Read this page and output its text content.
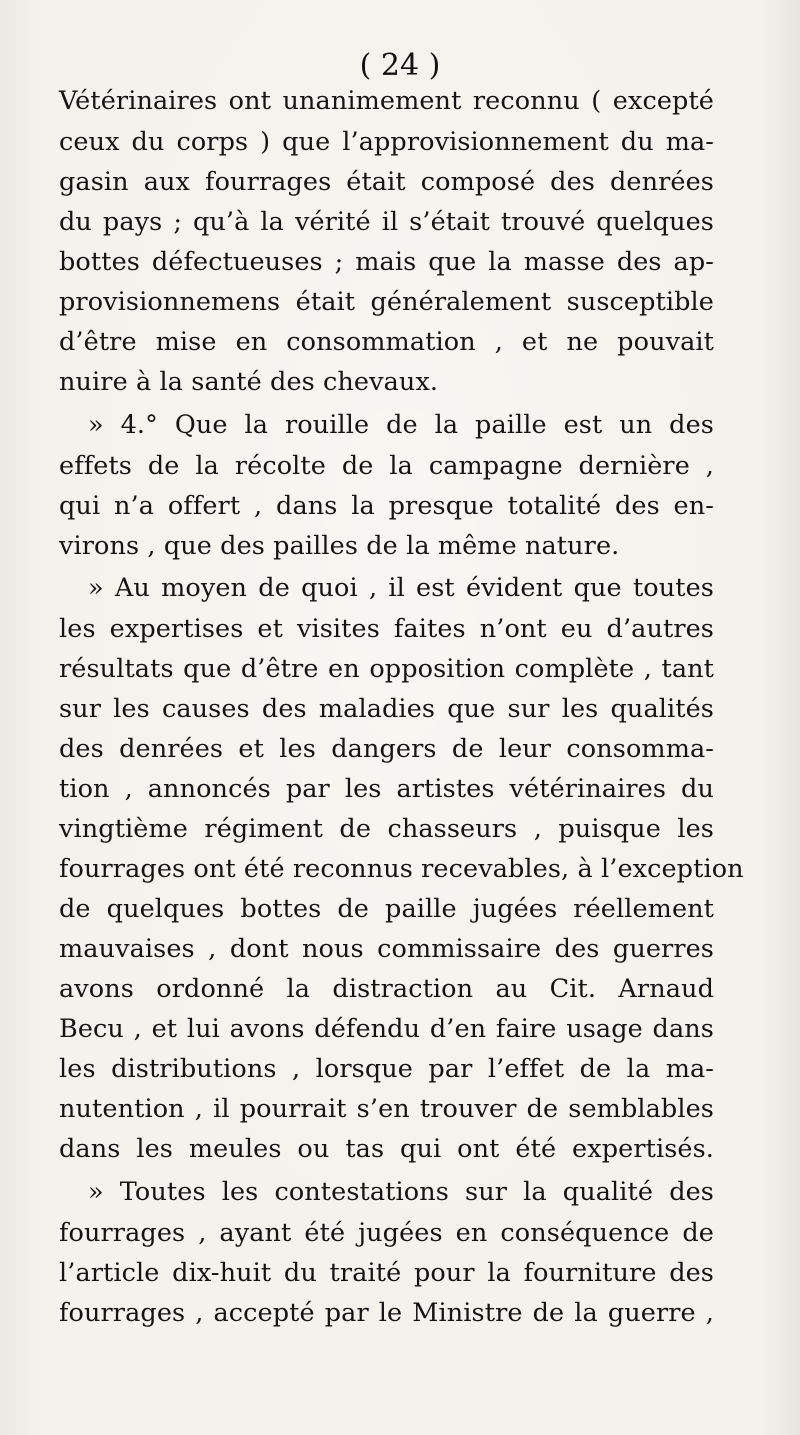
( 24 )
Vétérinaires ont unanimement reconnu ( excepté
ceux du corps ) que l’approvisionnement du ma-
gasin aux fourrages était composé des denrées
du pays ; qu’à la vérité il s’était trouvé quelques
bottes défectueuses ; mais que la masse des ap-
provisionnemens était généralement susceptible
d’être mise en consommation , et ne pouvait
nuire à la santé des chevaux.
» 4.° Que la rouille de la paille est un des
effets de la récolte de la campagne dernière ,
qui n’a offert , dans la presque totalité des en-
virons , que des pailles de la même nature.
» Au moyen de quoi , il est évident que toutes
les expertises et visites faites n’ont eu d’autres
résultats que d’être en opposition complète , tant
sur les causes des maladies que sur les qualités
des denrées et les dangers de leur consomma-
tion , annoncés par les artistes vétérinaires du
vingtième régiment de chasseurs , puisque les
fourrages ont été reconnus recevables, à l’exception
de quelques bottes de paille jugées réellement
mauvaises , dont nous commissaire des guerres
avons ordonné la distraction au Cit. Arnaud
Becu , et lui avons défendu d’en faire usage dans
les distributions , lorsque par l’effet de la ma-
nutention , il pourrait s’en trouver de semblables
dans les meules ou tas qui ont été expertisés.
» Toutes les contestations sur la qualité des
fourrages , ayant été jugées en conséquence de
l’article dix-huit du traité pour la fourniture des
fourrages , accepté par le Ministre de la guerre ,
